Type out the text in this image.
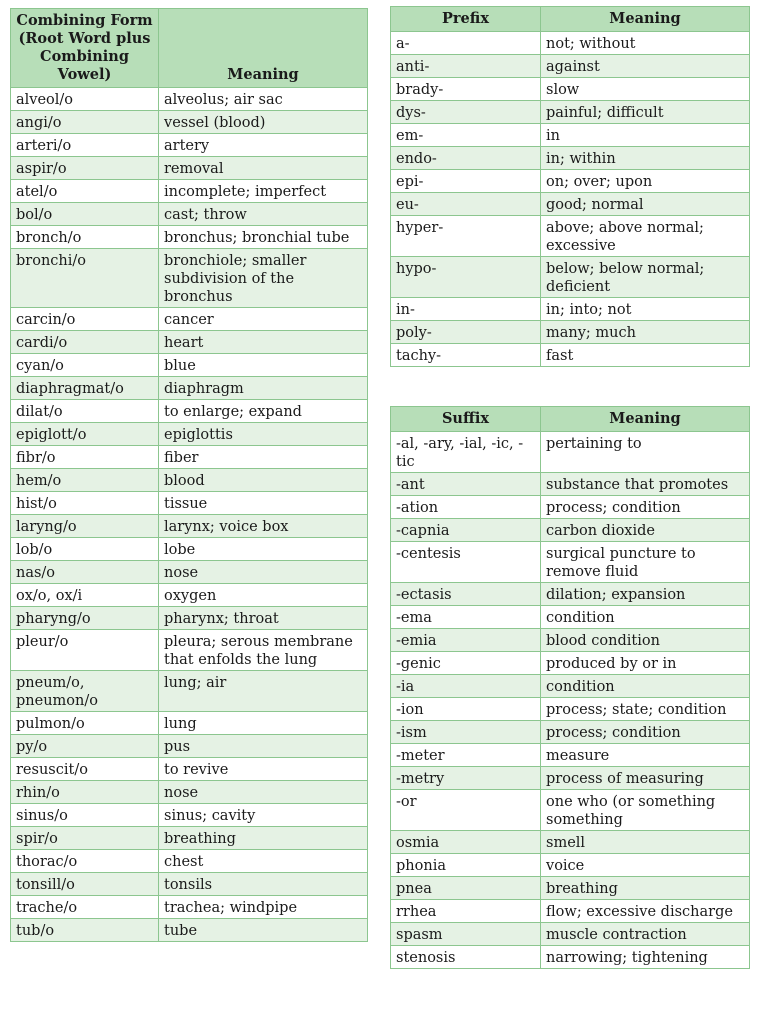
Combining Form (Root Word plus Combining Vowel)	Meaning
alveol/o	alveolus; air sac
angi/o	vessel (blood)
arteri/o	artery
aspir/o	removal
atel/o	incomplete; imperfect
bol/o	cast; throw
bronch/o	bronchus; bronchial tube
bronchi/o	bronchiole; smaller subdivision of the bronchus
carcin/o	cancer
cardi/o	heart
cyan/o	blue
diaphragmat/o	diaphragm
dilat/o	to enlarge; expand
epiglott/o	epiglottis
fibr/o	fiber
hem/o	blood
hist/o	tissue
laryng/o	larynx; voice box
lob/o	lobe
nas/o	nose
ox/o, ox/i	oxygen
pharyng/o	pharynx; throat
pleur/o	pleura; serous membrane that enfolds the lung
pneum/o, pneumon/o	lung; air
pulmon/o	lung
py/o	pus
resuscit/o	to revive
rhin/o	nose
sinus/o	sinus; cavity
spir/o	breathing
thorac/o	chest
tonsill/o	tonsils
trache/o	trachea; windpipe
tub/o	tube
Prefix	Meaning
a-	not; without
anti-	against
brady-	slow
dys-	painful; difficult
em-	in
endo-	in; within
epi-	on; over; upon
eu-	good; normal
hyper-	above; above normal; excessive
hypo-	below; below normal; deficient
in-	in; into; not
poly-	many; much
tachy-	fast
Suffix	Meaning
-al, -ary, -ial, -ic, -tic	pertaining to
-ant	substance that promotes
-ation	process; condition
-capnia	carbon dioxide
-centesis	surgical puncture to remove fluid
-ectasis	dilation; expansion
-ema	condition
-emia	blood condition
-genic	produced by or in
-ia	condition
-ion	process; state; condition
-ism	process; condition
-meter	measure
-metry	process of measuring
-or	one who (or something something
osmia	smell
phonia	voice
pnea	breathing
rrhea	flow; excessive discharge
spasm	muscle contraction
stenosis	narrowing; tightening
